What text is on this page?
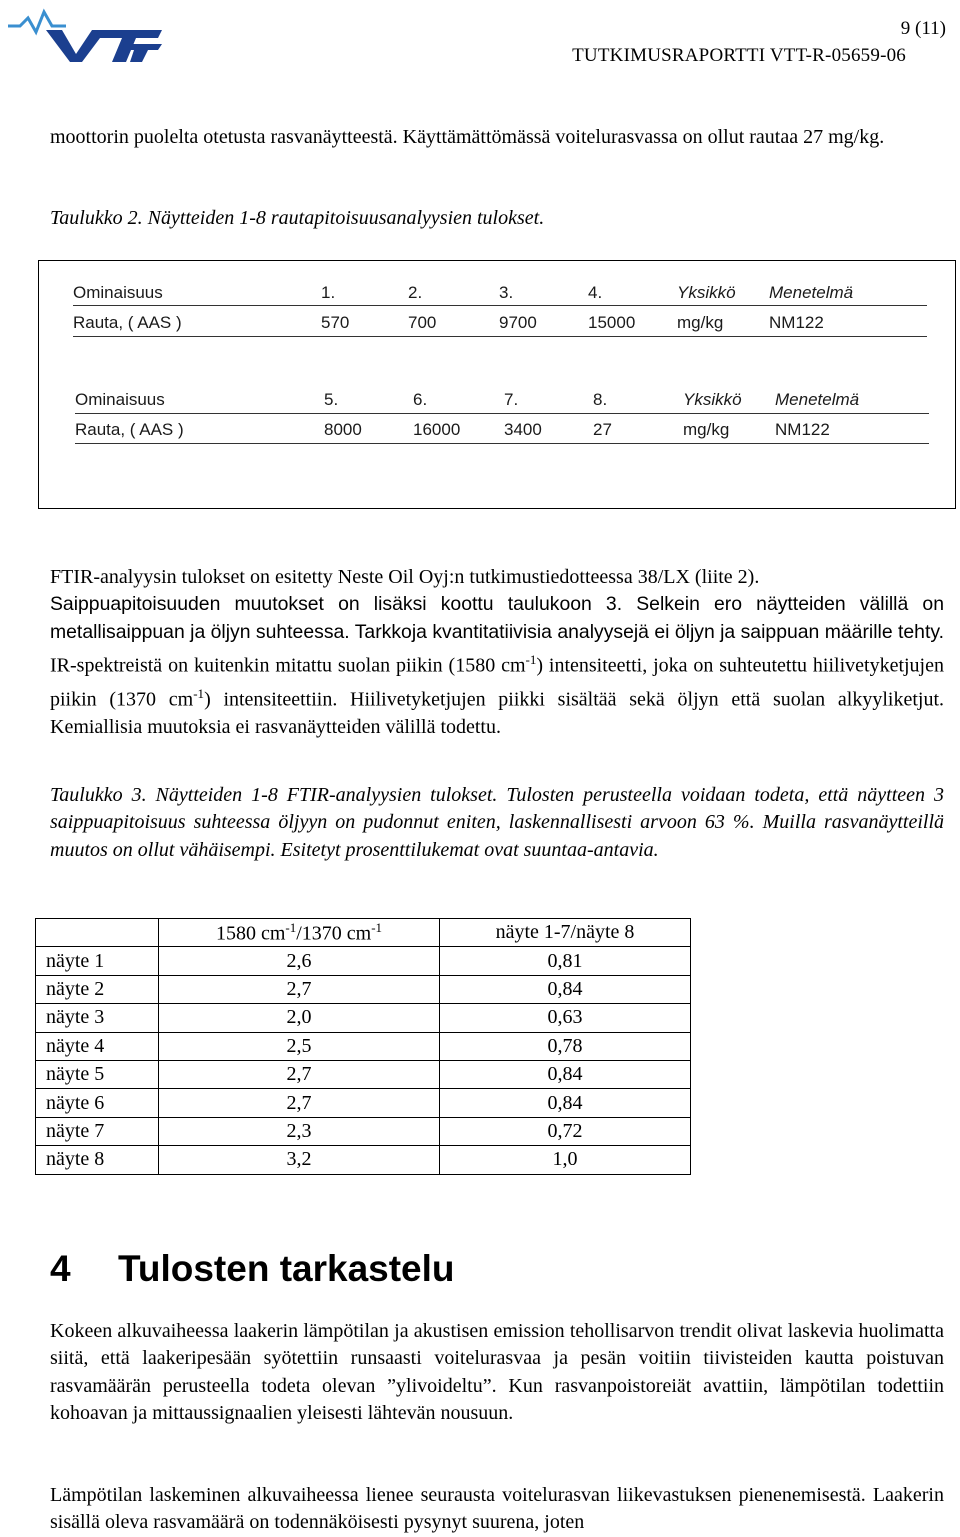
9 (11)
TUTKIMUSRAPORTTI VTT-R-05659-06
moottorin puolelta otetusta rasvanäytteestä. Käyttämättömässä voitelurasvassa on ollut rautaa 27 mg/kg.
Taulukko 2. Näytteiden 1-8 rautapitoisuusanalyysien tulokset.
Ominaisuus	1.	2.	3.	4.	Yksikkö Menetelmä
Rauta, ( AAS )	570	700	9700	15000 mg/kg	NM122
Ominaisuus	5.	6.	7.	8.	Yksikkö Menetelmä
Rauta, ( AAS )	8000	16000	3400	27	mg/kg	NM122
FTIR-analyysin tulokset on esitetty Neste Oil Oyj:n tutkimustiedotteessa 38/LX (liite 2).
Saippuapitoisuuden muutokset on lisäksi koottu taulukoon 3. Selkein ero näytteiden välillä on metallisaippuan ja öljyn suhteessa. Tarkkoja kvantitatiivisia analyysejä ei öljyn ja saippuan määrille tehty. IR-spektreistä on kuitenkin mitattu suolan piikin (1580 $cm^{-1}$) intensiteetti, joka on suhteutettu hiilivetyketjujen piikin (1370 $cm^{-1}$) intensiteettiin. Hiilivetyketjujen piikki sisältää sekä öljyn että suolan alkyyliketjut. Kemiallisia muutoksia ei rasvanäytteiden välillä todettu.
Taulukko 3. Näytteiden 1-8 FTIR-analyysien tulokset. Tulosten perusteella voidaan todeta, että näytteen 3 saippuapitoisuus suhteessa öljyyn on pudonnut eniten, laskennallisesti arvoon 63 %. Muilla rasvanäytteillä muutos on ollut vähäisempi. Esitetyt prosenttilukemat ovat suuntaa-antavia.
	1580 $cm^{-1}/1370$ $cm^{-1}$	näyte 1-7/näyte 8
näyte 1	2,6	0,81
näyte 2	2,7	0,84
näyte 3	2,0	0,63
näyte 4	2,5	0,78
näyte 5	2,7	0,84
näyte 6	2,7	0,84
näyte 7	2,3	0,72
näyte 8	3,2	1,0
4 Tulosten tarkastelu
Kokeen alkuvaiheessa laakerin lämpötilan ja akustisen emission tehollisarvon trendit olivat laskevia huolimatta siitä, että laakeripesään syötettiin runsaasti voitelurasvaa ja pesän voitiin tiivisteiden kautta poistuvan rasvamäärän perusteella todeta olevan ”ylivoideltu”. Kun rasvanpoistoreiät avattiin, lämpötilan todettiin kohoavan ja mittaussignaalien yleisesti lähtevän nousuun.
Lämpötilan laskeminen alkuvaiheessa lienee seurausta voitelurasvan liikevastuksen pienenemisestä. Laakerin sisällä oleva rasvamäärä on todennäköisesti pysynyt suurena, joten
